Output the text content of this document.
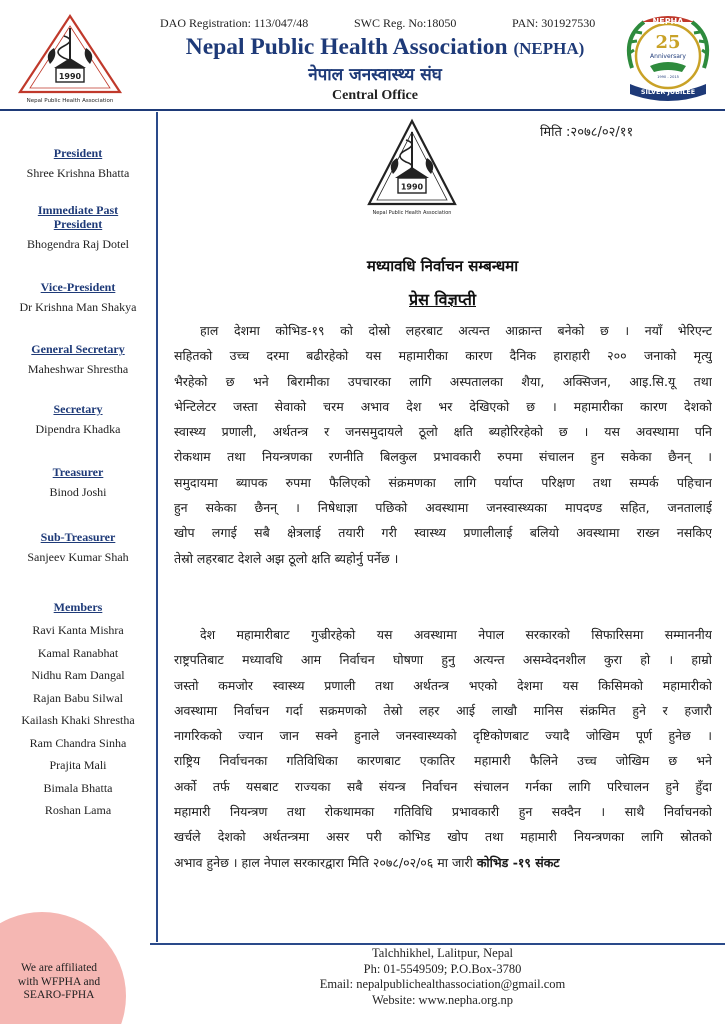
1990
Nepal Public Health Association
DAO Registration: 113/047/48	SWC Reg. No:18050	PAN: 301927530
Nepal Public Health Association (NEPHA)
नेपाल जनस्वास्थ्य संघ
Central Office
NEPHA
25
Anniversary
1990 - 2015
SILVER JUBILEE
President
Shree Krishna Bhatta
Immediate Past President
Bhogendra Raj Dotel
Vice-President
Dr Krishna Man Shakya
General Secretary
Maheshwar Shrestha
Secretary
Dipendra Khadka
Treasurer
Binod Joshi
Sub-Treasurer
Sanjeev Kumar Shah
Members
Ravi Kanta Mishra
Kamal Ranabhat
Nidhu Ram Dangal
Rajan Babu Silwal
Kailash Khaki Shrestha
Ram Chandra Sinha
Prajita Mali
Bimala Bhatta
Roshan Lama
मिति :२०७८/०२/११
1990
Nepal Public Health Association
मध्यावधि निर्वाचन सम्बन्धमा
प्रेस विज्ञप्ती
हाल देशमा कोभिड-१९ को दोस्रो लहरबाट अत्यन्त आक्रान्त बनेको छ । नयाँ भेरिएन्ट
सहितको उच्च दरमा बढीरहेको यस महामारीका कारण दैनिक हाराहारी २०० जनाको मृत्यु
भैरहेको छ भने बिरामीका उपचारका लागि अस्पतालका शैया, अक्सिजन, आइ.सि.यू तथा
भेन्टिलेटर जस्ता सेवाको चरम अभाव देश भर देखिएको छ । महामारीका कारण देशको
स्वास्थ्य प्रणाली, अर्थतन्त्र र जनसमुदायले ठूलो क्षति ब्यहोरिरहेको छ । यस अवस्थामा पनि
रोकथाम तथा नियन्त्रणका रणनीति बिलकुल प्रभावकारी रुपमा संचालन हुन सकेका छैनन् ।
समुदायमा ब्यापक रुपमा फैलिएको संक्रमणका लागि पर्याप्त परिक्षण तथा सम्पर्क पहिचान
हुन सकेका छैनन् । निषेधाज्ञा पछिको अवस्थामा जनस्वास्थ्यका मापदण्ड सहित, जनतालाई
खोप लगाई सबै क्षेत्रलाई तयारी गरी स्वास्थ्य प्रणालीलाई बलियो अवस्थामा राख्न नसकिए
तेस्रो लहरबाट देशले अझ ठूलो क्षति ब्यहोर्नु पर्नेछ ।
देश महामारीबाट गुज्रीरहेको यस अवस्थामा नेपाल सरकारको सिफारिसमा सम्माननीय
राष्ट्रपतिबाट मध्यावधि आम निर्वाचन घोषणा हुनु अत्यन्त असम्वेदनशील कुरा हो । हाम्रो
जस्तो कमजोर स्वास्थ्य प्रणाली तथा अर्थतन्त्र भएको देशमा यस किसिमको महामारीको
अवस्थामा निर्वाचन गर्दा सक्रमणको तेस्रो लहर आई लाखौ मानिस संक्रमित हुने र हजारौ
नागरिकको ज्यान जान सक्ने हुनाले जनस्वास्थ्यको दृष्टिकोणबाट ज्यादै जोखिम पूर्ण हुनेछ ।
राष्ट्रिय निर्वाचनका गतिविधिका कारणबाट एकातिर महामारी फैलिने उच्च जोखिम छ भने
अर्को तर्फ यसबाट राज्यका सबै संयन्त्र निर्वाचन संचालन गर्नका लागि परिचालन हुने हुँदा
महामारी नियन्त्रण तथा रोकथामका गतिविधि प्रभावकारी हुन सक्दैन । साथै निर्वाचनको
खर्चले देशको अर्थतन्त्रमा असर परी कोभिड खोप तथा महामारी नियन्त्रणका लागि स्रोतको
अभाव हुनेछ । हाल नेपाल सरकारद्वारा मिति २०७८/०२/०६ मा जारी कोभिड -१९ संकट
We are affiliated
with WFPHA and
SEARO-FPHA
Talchhikhel, Lalitpur, Nepal
Ph: 01-5549509; P.O.Box-3780
Email: nepalpublichealthassociation@gmail.com
Website: www.nepha.org.np
